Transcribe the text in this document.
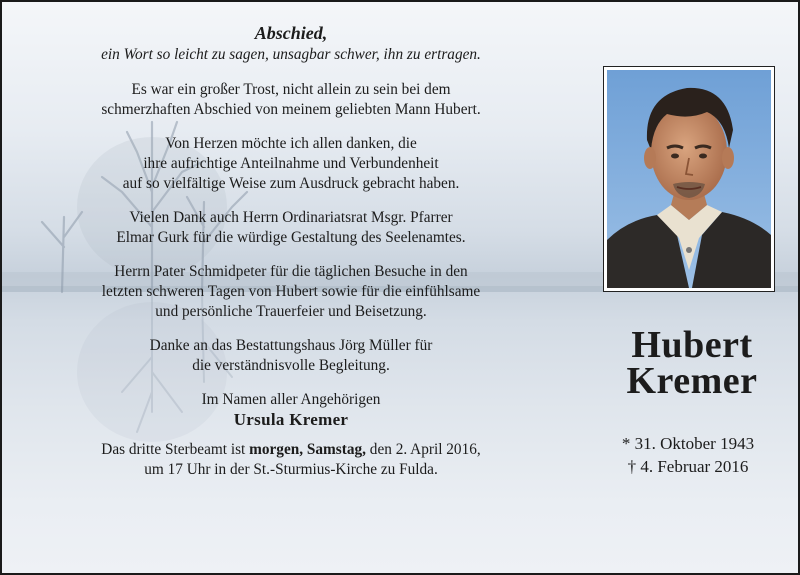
Abschied,

ein Wort so leicht zu sagen, unsagbar schwer, ihn zu ertragen.

Es war ein großer Trost, nicht allein zu sein bei dem
schmerzhaften Abschied von meinem geliebten Mann Hubert.

Von Herzen möchte ich allen danken, die
ihre aufrichtige Anteilnahme und Verbundenheit
auf so vielfältige Weise zum Ausdruck gebracht haben.

Vielen Dank auch Herrn Ordinariatsrat Msgr. Pfarrer
Elmar Gurk für die würdige Gestaltung des Seelenamtes.

Herrn Pater Schmidpeter für die täglichen Besuche in den
letzten schweren Tagen von Hubert sowie für die einfühlsame
und persönliche Trauerfeier und Beisetzung.

Danke an das Bestattungshaus Jörg Müller für
die verständnisvolle Begleitung.

Im Namen aller Angehörigen
Ursula Kremer

Das dritte Sterbeamt ist morgen, Samstag, den 2. April 2016,
um 17 Uhr in der St.-Sturmius-Kirche zu Fulda.

Hubert
Kremer
* 31. Oktober 1943
† 4. Februar 2016
